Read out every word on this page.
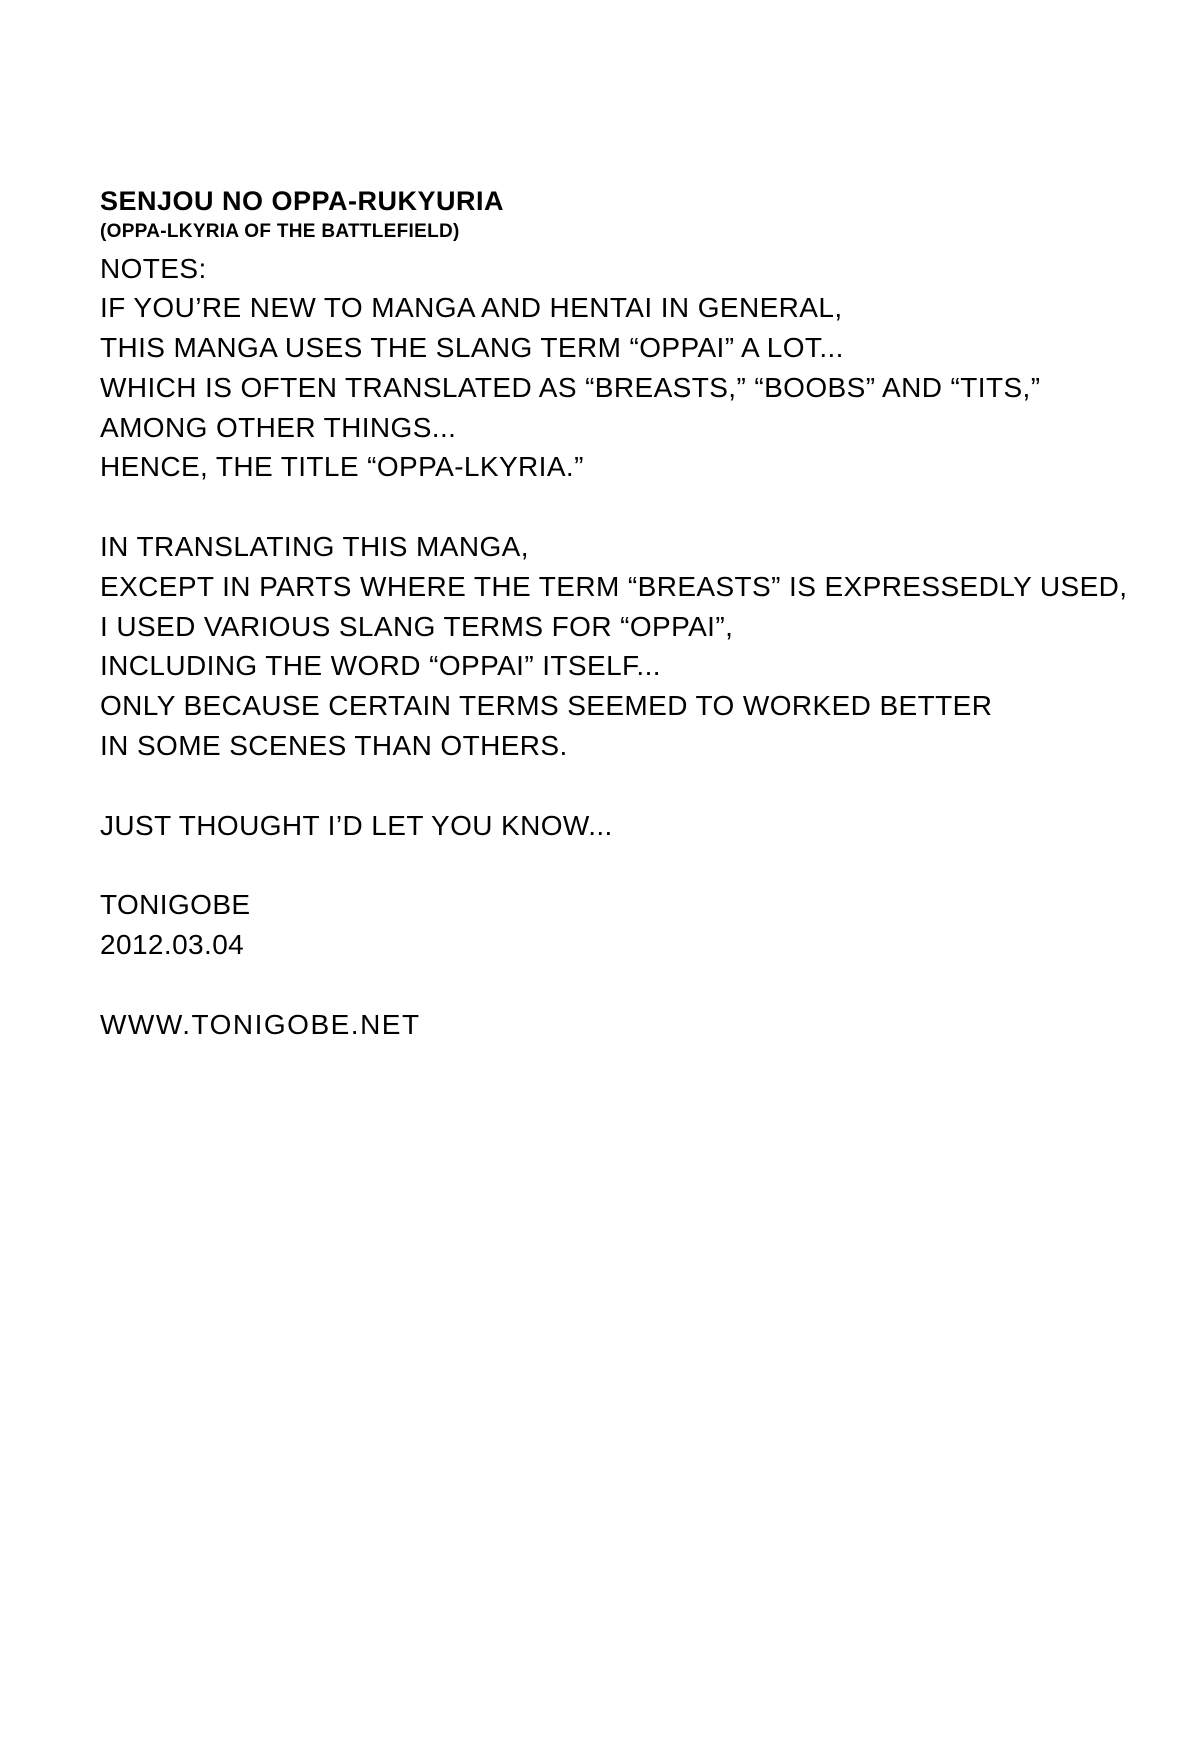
SENJOU NO OPPA-RUKYURIA

(OPPA-LKYRIA OF THE BATTLEFIELD)

NOTES:

IF YOU’RE NEW TO MANGA AND HENTAI IN GENERAL,

THIS MANGA USES THE SLANG TERM “OPPAI” A LOT...

WHICH IS OFTEN TRANSLATED AS “BREASTS,” “BOOBS” AND “TITS,”

AMONG OTHER THINGS...

HENCE, THE TITLE “OPPA-LKYRIA.”

IN TRANSLATING THIS MANGA,

EXCEPT IN PARTS WHERE THE TERM “BREASTS” IS EXPRESSEDLY USED,

I USED VARIOUS SLANG TERMS FOR “OPPAI”,

INCLUDING THE WORD “OPPAI” ITSELF...

ONLY BECAUSE CERTAIN TERMS SEEMED TO WORKED BETTER

IN SOME SCENES THAN OTHERS.

JUST THOUGHT I’D LET YOU KNOW...

TONIGOBE

2012.03.04

WWW.TONIGOBE.NET
